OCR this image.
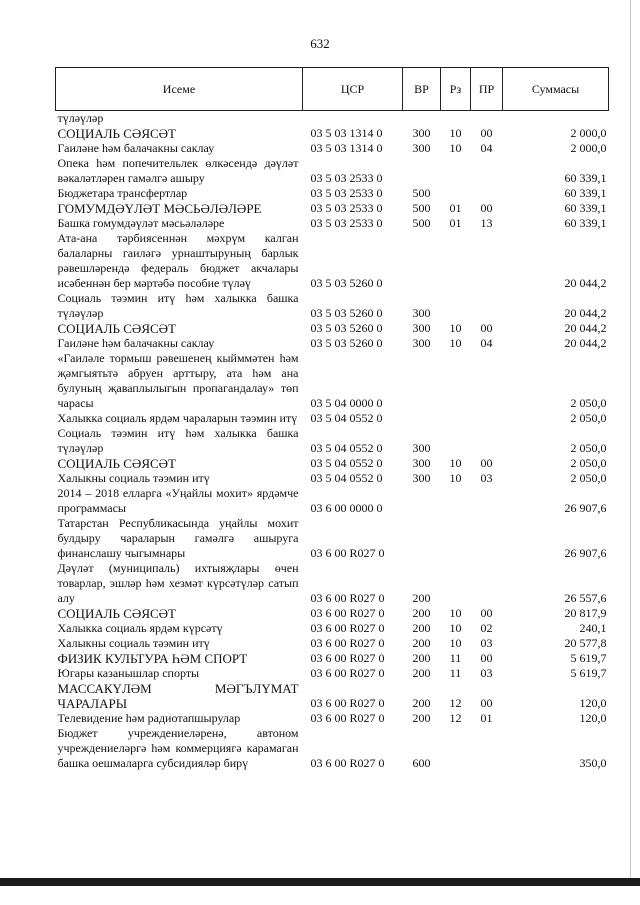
632
Исеме	ЦСР	ВР	Рз	ПР	Суммасы
түләүләр					
СОЦИАЛЬ СӘЯСӘТ	03 5 03 1314 0	300	10	00	2 000,0
Гаиләне һәм балачакны саклау	03 5 03 1314 0	300	10	04	2 000,0
Опека һәм попечительлек өлкәсендә дәүләт вәкаләтләрен гамәлгә ашыру	03 5 03 2533 0				60 339,1
Бюджетара трансфертлар	03 5 03 2533 0	500			60 339,1
ГОМУМДӘҮЛӘТ МӘСЬӘЛӘЛӘРЕ	03 5 03 2533 0	500	01	00	60 339,1
Башка гомумдәүләт мәсьәләләре	03 5 03 2533 0	500	01	13	60 339,1
Ата-ана тәрбиясеннән мәхрүм калган балаларны гаиләгә урнаштыруның барлык рәвешләрендә федераль бюджет акчалары исәбеннән бер мәртәбә пособие түләү	03 5 03 5260 0				20 044,2
Социаль тәэмин итү һәм халыкка башка түләүләр	03 5 03 5260 0	300			20 044,2
СОЦИАЛЬ СӘЯСӘТ	03 5 03 5260 0	300	10	00	20 044,2
Гаиләне һәм балачакны саклау	03 5 03 5260 0	300	10	04	20 044,2
«Гаиләле тормыш рәвешенең кыйммәтен һәм җәмгыятьтә абруен арттыру, ата һәм ана булуның җаваплылыгын пропагандалау» төп чарасы	03 5 04 0000 0				2 050,0
Халыкка социаль ярдәм чараларын тәэмин итү	03 5 04 0552 0				2 050,0
Социаль тәэмин итү һәм халыкка башка түләүләр	03 5 04 0552 0	300			2 050,0
СОЦИАЛЬ СӘЯСӘТ	03 5 04 0552 0	300	10	00	2 050,0
Халыкны социаль тәэмин итү	03 5 04 0552 0	300	10	03	2 050,0
2014 – 2018 елларга «Уңайлы мохит» ярдәмче программасы	03 6 00 0000 0				26 907,6
Татарстан Республикасында уңайлы мохит булдыру чараларын гамәлгә ашыруга финанслашу чыгымнары	03 6 00 R027 0				26 907,6
Дәүләт (муниципаль) ихтыяҗлары өчен товарлар, эшләр һәм хезмәт күрсәтүләр сатып алу	03 6 00 R027 0	200			26 557,6
СОЦИАЛЬ СӘЯСӘТ	03 6 00 R027 0	200	10	00	20 817,9
Халыкка социаль ярдәм күрсәтү	03 6 00 R027 0	200	10	02	240,1
Халыкны социаль тәэмин итү	03 6 00 R027 0	200	10	03	20 577,8
ФИЗИК КУЛЬТУРА ҺӘМ СПОРТ	03 6 00 R027 0	200	11	00	5 619,7
Югары казанышлар спорты	03 6 00 R027 0	200	11	03	5 619,7
МАССАКҮЛӘМ МӘГЪЛҮМАТ ЧАРАЛАРЫ	03 6 00 R027 0	200	12	00	120,0
Телевидение һәм радиотапшырулар	03 6 00 R027 0	200	12	01	120,0
Бюджет учреждениеләренә, автоном учреждениеләргә һәм коммерциягә карамаган башка оешмаларга субсидияләр бирү	03 6 00 R027 0	600			350,0
